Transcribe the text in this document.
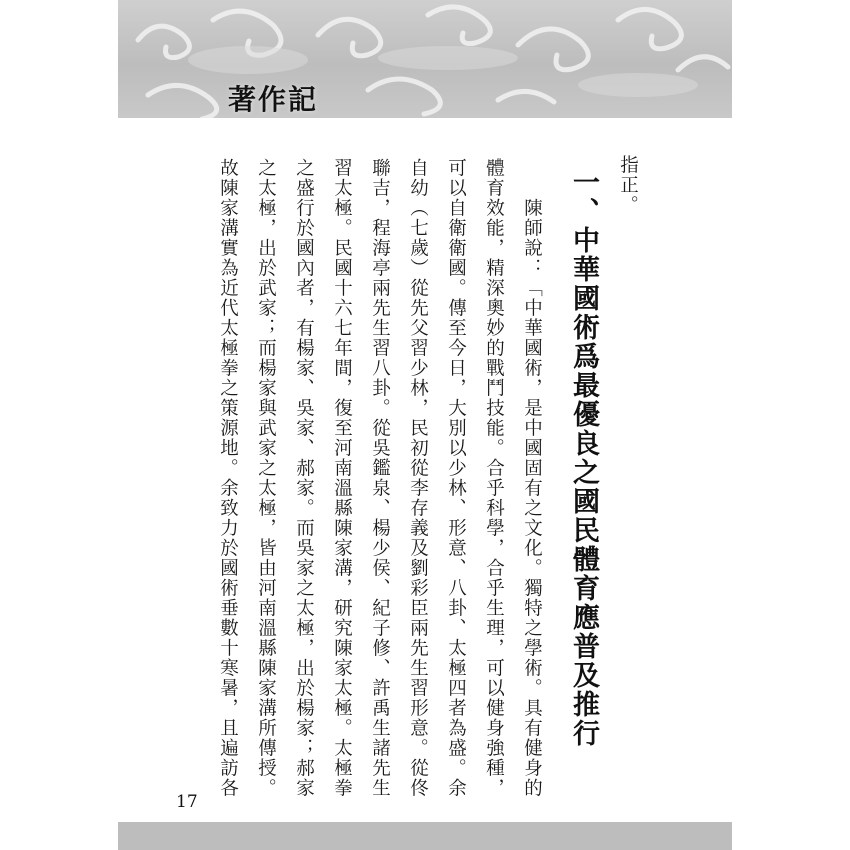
著作記
指正。
一、中華國術爲最優良之國民體育應普及推行
陳師說：「中華國術，是中國固有之文化。獨特之學術。具有健身的
體育效能，精深奧妙的戰鬥技能。合乎科學，合乎生理，可以健身強種，
可以自衛衛國。傳至今日，大別以少林、形意、八卦、太極四者為盛。余
自幼（七歲）從先父習少林，民初從李存義及劉彩臣兩先生習形意。從佟
聯吉，程海亭兩先生習八卦。從吳鑑泉、楊少侯、紀子修、許禹生諸先生
習太極。民國十六七年間，復至河南溫縣陳家溝，研究陳家太極。太極拳
之盛行於國內者，有楊家、吳家、郝家。而吳家之太極，出於楊家；郝家
之太極，出於武家；而楊家與武家之太極，皆由河南溫縣陳家溝所傳授。
故陳家溝實為近代太極拳之策源地。余致力於國術垂數十寒暑，且遍訪各
17
